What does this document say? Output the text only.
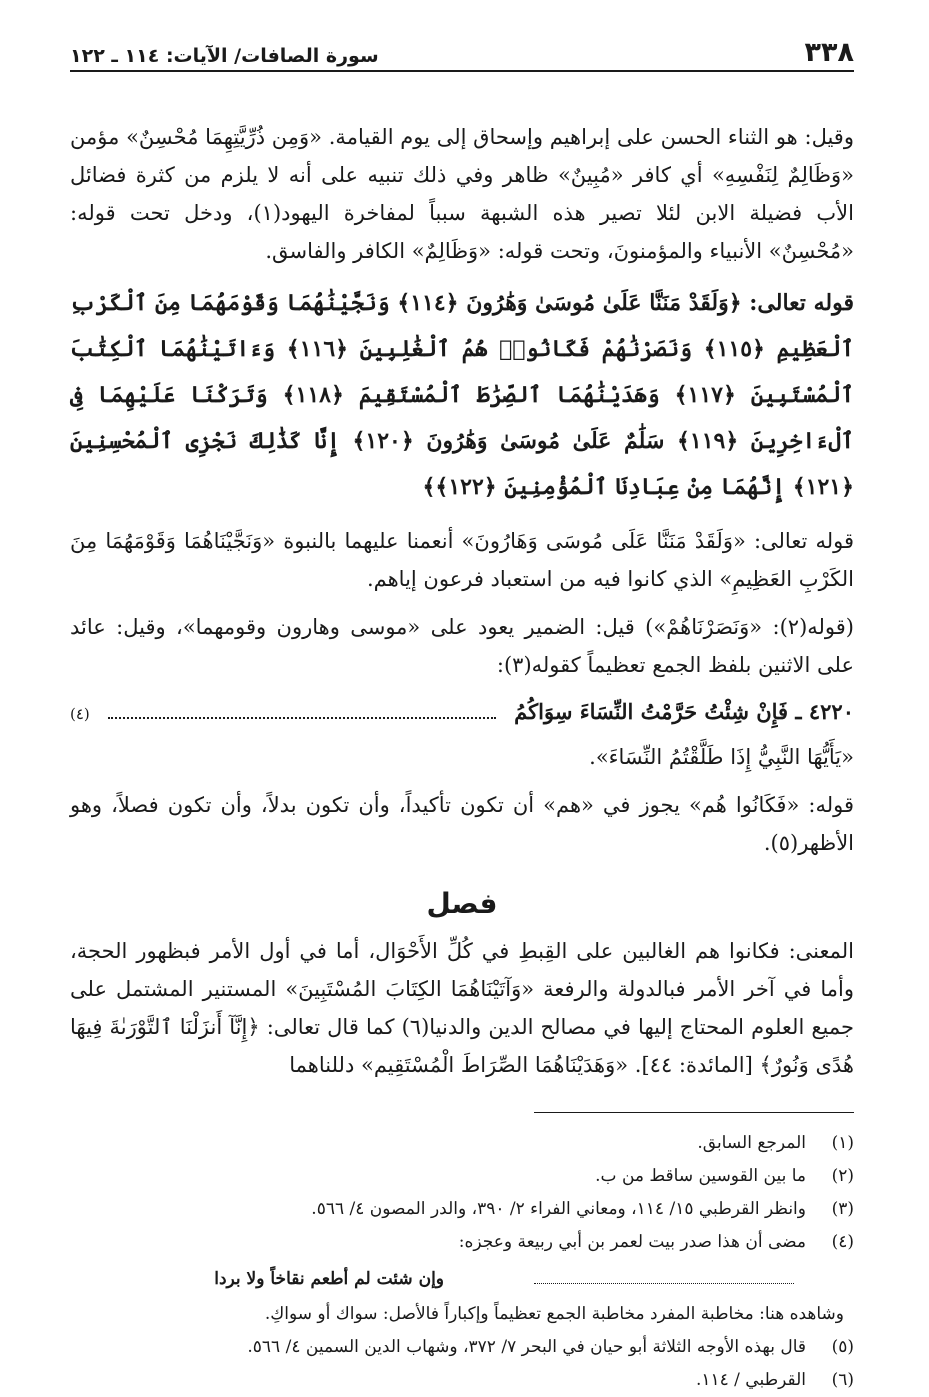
٣٣٨
سورة الصافات/ الآيات: ١١٤ ـ ١٢٢

وقيل: هو الثناء الحسن على إبراهيم وإسحاق إلى يوم القيامة. «وَمِن ذُرِّيَّتِهِمَا مُحْسِنٌ» مؤمن «وَظَالِمٌ لِنَفْسِهِ» أي كافر «مُبِينٌ» ظاهر وفي ذلك تنبيه على أنه لا يلزم من كثرة فضائل الأب فضيلة الابن لئلا تصير هذه الشبهة سبباً لمفاخرة اليهود(١)، ودخل تحت قوله: «مُحْسِنٌ» الأنبياء والمؤمنونَ، وتحت قوله: «وَظَالِمٌ» الكافر والفاسق.

قوله تعالى: ﴿وَلَقَدْ مَنَنَّا عَلَىٰ مُوسَىٰ وَهَٰرُونَ ﴿١١٤﴾ وَنَجَّيْنَٰهُمَا وَقَوْمَهُمَا مِنَ ٱلْكَرْبِ ٱلْعَظِيمِ ﴿١١٥﴾ وَنَصَرْنَٰهُمْ فَكَانُوا۟ هُمُ ٱلْغَٰلِبِينَ ﴿١١٦﴾ وَءَاتَيْنَٰهُمَا ٱلْكِتَٰبَ ٱلْمُسْتَبِينَ ﴿١١٧﴾ وَهَدَيْنَٰهُمَا ٱلصِّرَٰطَ ٱلْمُسْتَقِيمَ ﴿١١٨﴾ وَتَرَكْنَا عَلَيْهِمَا فِى ٱلْءَاخِرِينَ ﴿١١٩﴾ سَلَٰمٌ عَلَىٰ مُوسَىٰ وَهَٰرُونَ ﴿١٢٠﴾ إِنَّا كَذَٰلِكَ نَجْزِى ٱلْمُحْسِنِينَ ﴿١٢١﴾ إِنَّهُمَا مِنْ عِبَادِنَا ٱلْمُؤْمِنِينَ ﴿١٢٢﴾﴾

قوله تعالى: «وَلَقَدْ مَنَنَّا عَلَى مُوسَى وَهَارُونَ» أنعمنا عليهما بالنبوة «وَنَجَّيْنَاهُمَا وَقَوْمَهُمَا مِنَ الكَرْبِ العَظِيمِ» الذي كانوا فيه من استعباد فرعون إياهم.

(قوله(٢): «وَنَصَرْنَاهُمْ») قيل: الضمير يعود على «موسى وهارون وقومهما»، وقيل: عائد على الاثنين بلفظ الجمع تعظيماً كقوله(٣):

٤٢٢٠ ـ فَإِنْ شِئْتُ حَرَّمْتُ النِّسَاءَ سِوَاكُمُ
(٤)

«يَأَيُّهَا النَّبِيُّ إِذَا طَلَّقْتُمُ النِّسَاءَ».

قوله: «فَكَانُوا هُم» يجوز في «هم» أن تكون تأكيداً، وأن تكون بدلاً، وأن تكون فصلاً، وهو الأظهر(٥).

فصل

المعنى: فكانوا هم الغالبين على القِبطِ في كُلِّ الأَحْوَال، أما في أول الأمر فبظهور الحجة، وأما في آخر الأمر فبالدولة والرفعة «وَآتَيْنَاهُمَا الكِتَابَ المُسْتَبِينَ» المستنير المشتمل على جميع العلوم المحتاج إليها في مصالح الدين والدنيا(٦) كما قال تعالى: ﴿إِنَّآ أَنزَلْنَا ٱلتَّوْرَىٰةَ فِيهَا هُدًى وَنُورٌ﴾ [المائدة: ٤٤]. «وَهَدَيْنَاهُمَا الصِّرَاطَ الْمُسْتَقِيم» دللناهما

(١)
المرجع السابق.

(٢)
ما بين القوسين ساقط من ب.

(٣)
وانظر القرطبي ١٥/ ١١٤، ومعاني الفراء ٢/ ٣٩٠، والدر المصون ٤/ ٥٦٦.

(٤)
مضى أن هذا صدر بيت لعمر بن أبي ربيعة وعجزه:

وإن شئت لم أطعم نقاخاً ولا بردا

وشاهده هنا: مخاطبة المفرد مخاطبة الجمع تعظيماً وإكباراً فالأصل: سواك أو سواكِ.

(٥)
قال بهذه الأوجه الثلاثة أبو حيان في البحر ٧/ ٣٧٢، وشهاب الدين السمين ٤/ ٥٦٦.

(٦)
القرطبي / ١١٤.
